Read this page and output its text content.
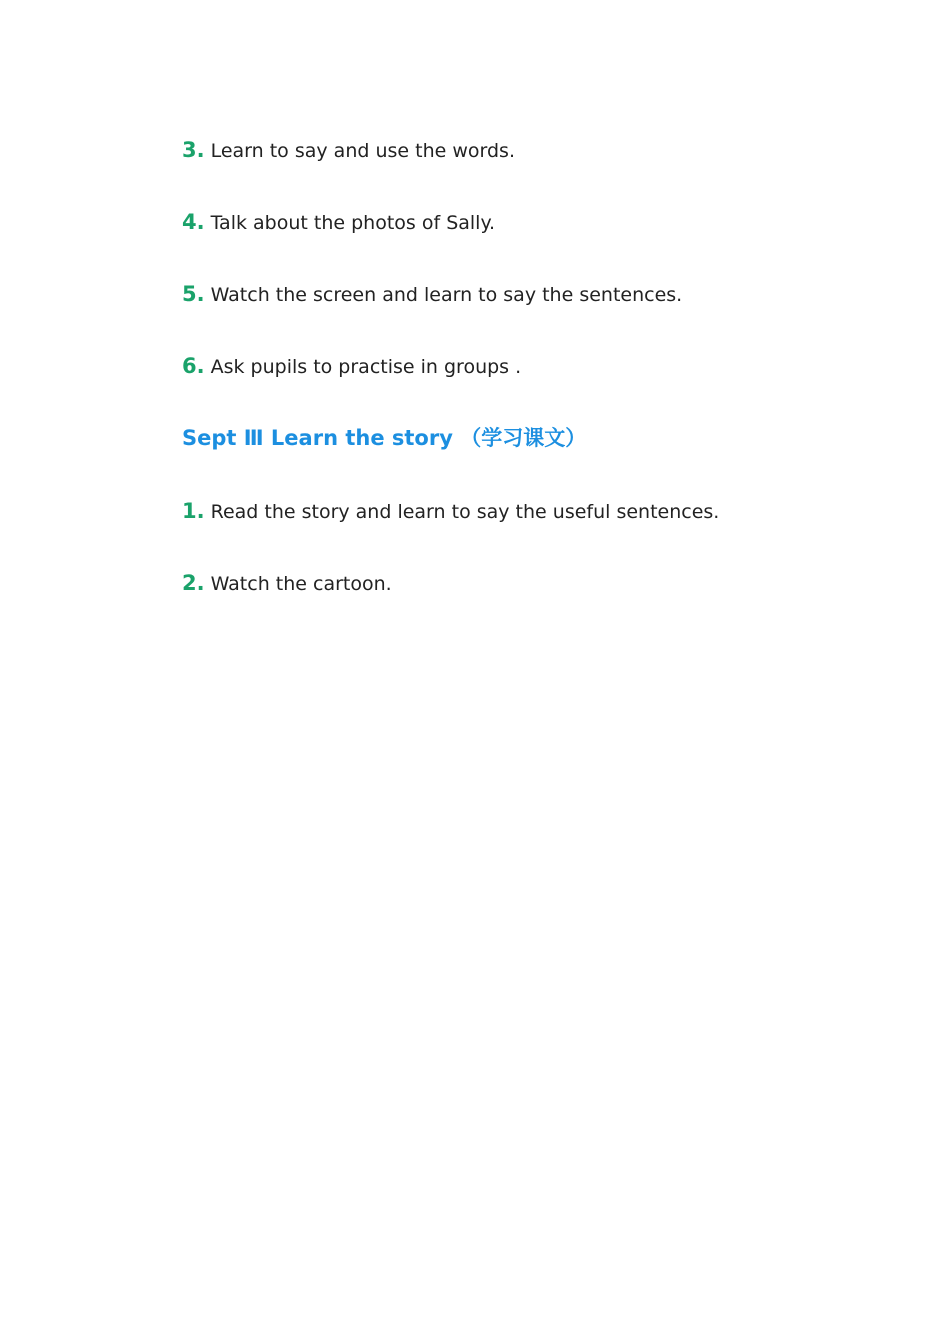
3. Learn to say and use the words.
4. Talk about the photos of Sally.
5. Watch the screen and learn to say the sentences.
6. Ask pupils to practise in groups .
Sept Ⅲ Learn the story （学习课文）
1. Read the story and learn to say the useful sentences.
2. Watch the cartoon.
